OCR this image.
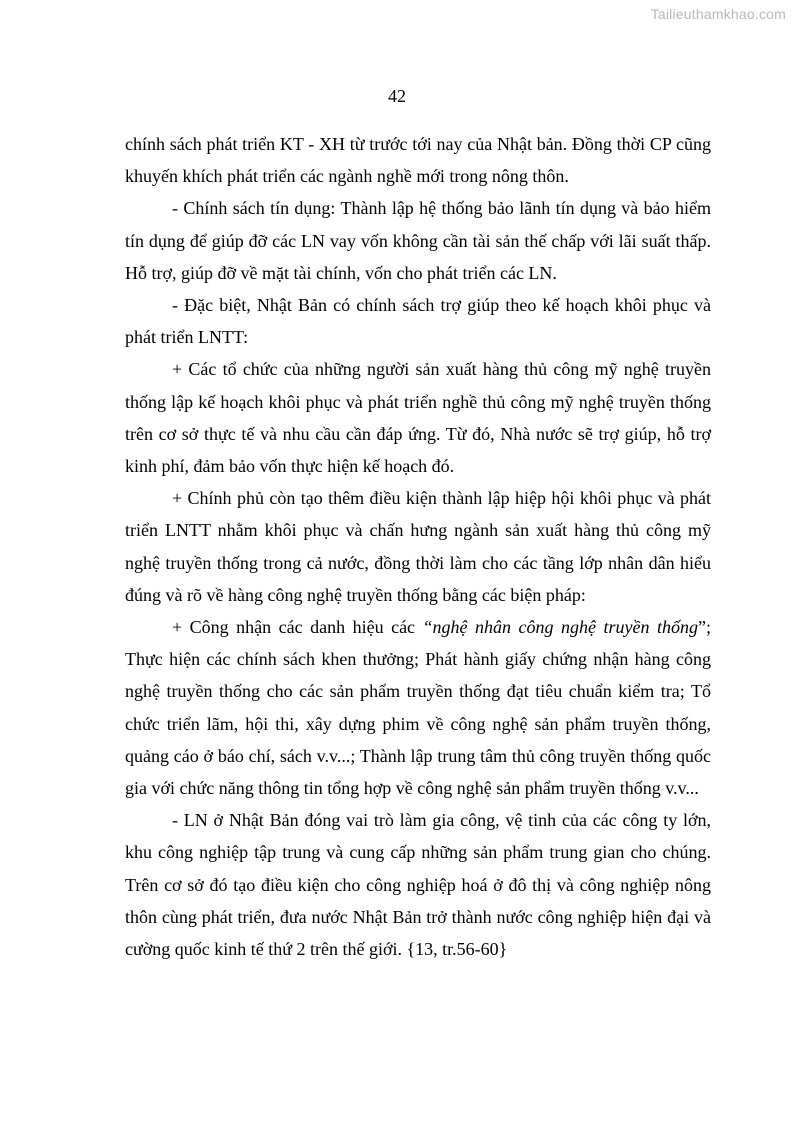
Tailieuthamkhao.com
42

chính sách phát triển KT - XH từ trước tới nay của Nhật bản. Đồng thời CP cũng khuyến khích phát triển các ngành nghề mới trong nông thôn.

- Chính sách tín dụng: Thành lập hệ thống bảo lãnh tín dụng và bảo hiểm tín dụng để giúp đỡ các LN vay vốn không cần tài sản thế chấp với lãi suất thấp. Hỗ trợ, giúp đỡ về mặt tài chính, vốn cho phát triển các LN.

- Đặc biệt, Nhật Bản có chính sách trợ giúp theo kế hoạch khôi phục và phát triển LNTT:

+ Các tổ chức của những người sản xuất hàng thủ công mỹ nghệ truyền thống lập kế hoạch khôi phục và phát triển nghề thủ công mỹ nghệ truyền thống trên cơ sở thực tế và nhu cầu cần đáp ứng. Từ đó, Nhà nước sẽ trợ giúp, hỗ trợ kinh phí, đảm bảo vốn thực hiện kế hoạch đó.

+ Chính phủ còn tạo thêm điều kiện thành lập hiệp hội khôi phục và phát triển LNTT nhằm khôi phục và chấn hưng ngành sản xuất hàng thủ công mỹ nghệ truyền thống trong cả nước, đồng thời làm cho các tầng lớp nhân dân hiểu đúng và rõ về hàng công nghệ truyền thống bằng các biện pháp:

+ Công nhận các danh hiệu các “nghệ nhân công nghệ truyền thống”; Thực hiện các chính sách khen thưởng; Phát hành giấy chứng nhận hàng công nghệ truyền thống cho các sản phẩm truyền thống đạt tiêu chuẩn kiểm tra; Tổ chức triển lãm, hội thi, xây dựng phim về công nghệ sản phẩm truyền thống, quảng cáo ở báo chí, sách v.v...; Thành lập trung tâm thủ công truyền thống quốc gia với chức năng thông tin tổng hợp về công nghệ sản phẩm truyền thống v.v...

- LN ở Nhật Bản đóng vai trò làm gia công, vệ tinh của các công ty lớn, khu công nghiệp tập trung và cung cấp những sản phẩm trung gian cho chúng. Trên cơ sở đó tạo điều kiện cho công nghiệp hoá ở đô thị và công nghiệp nông thôn cùng phát triển, đưa nước Nhật Bản trở thành nước công nghiệp hiện đại và cường quốc kinh tế thứ 2 trên thế giới. {13, tr.56-60}
